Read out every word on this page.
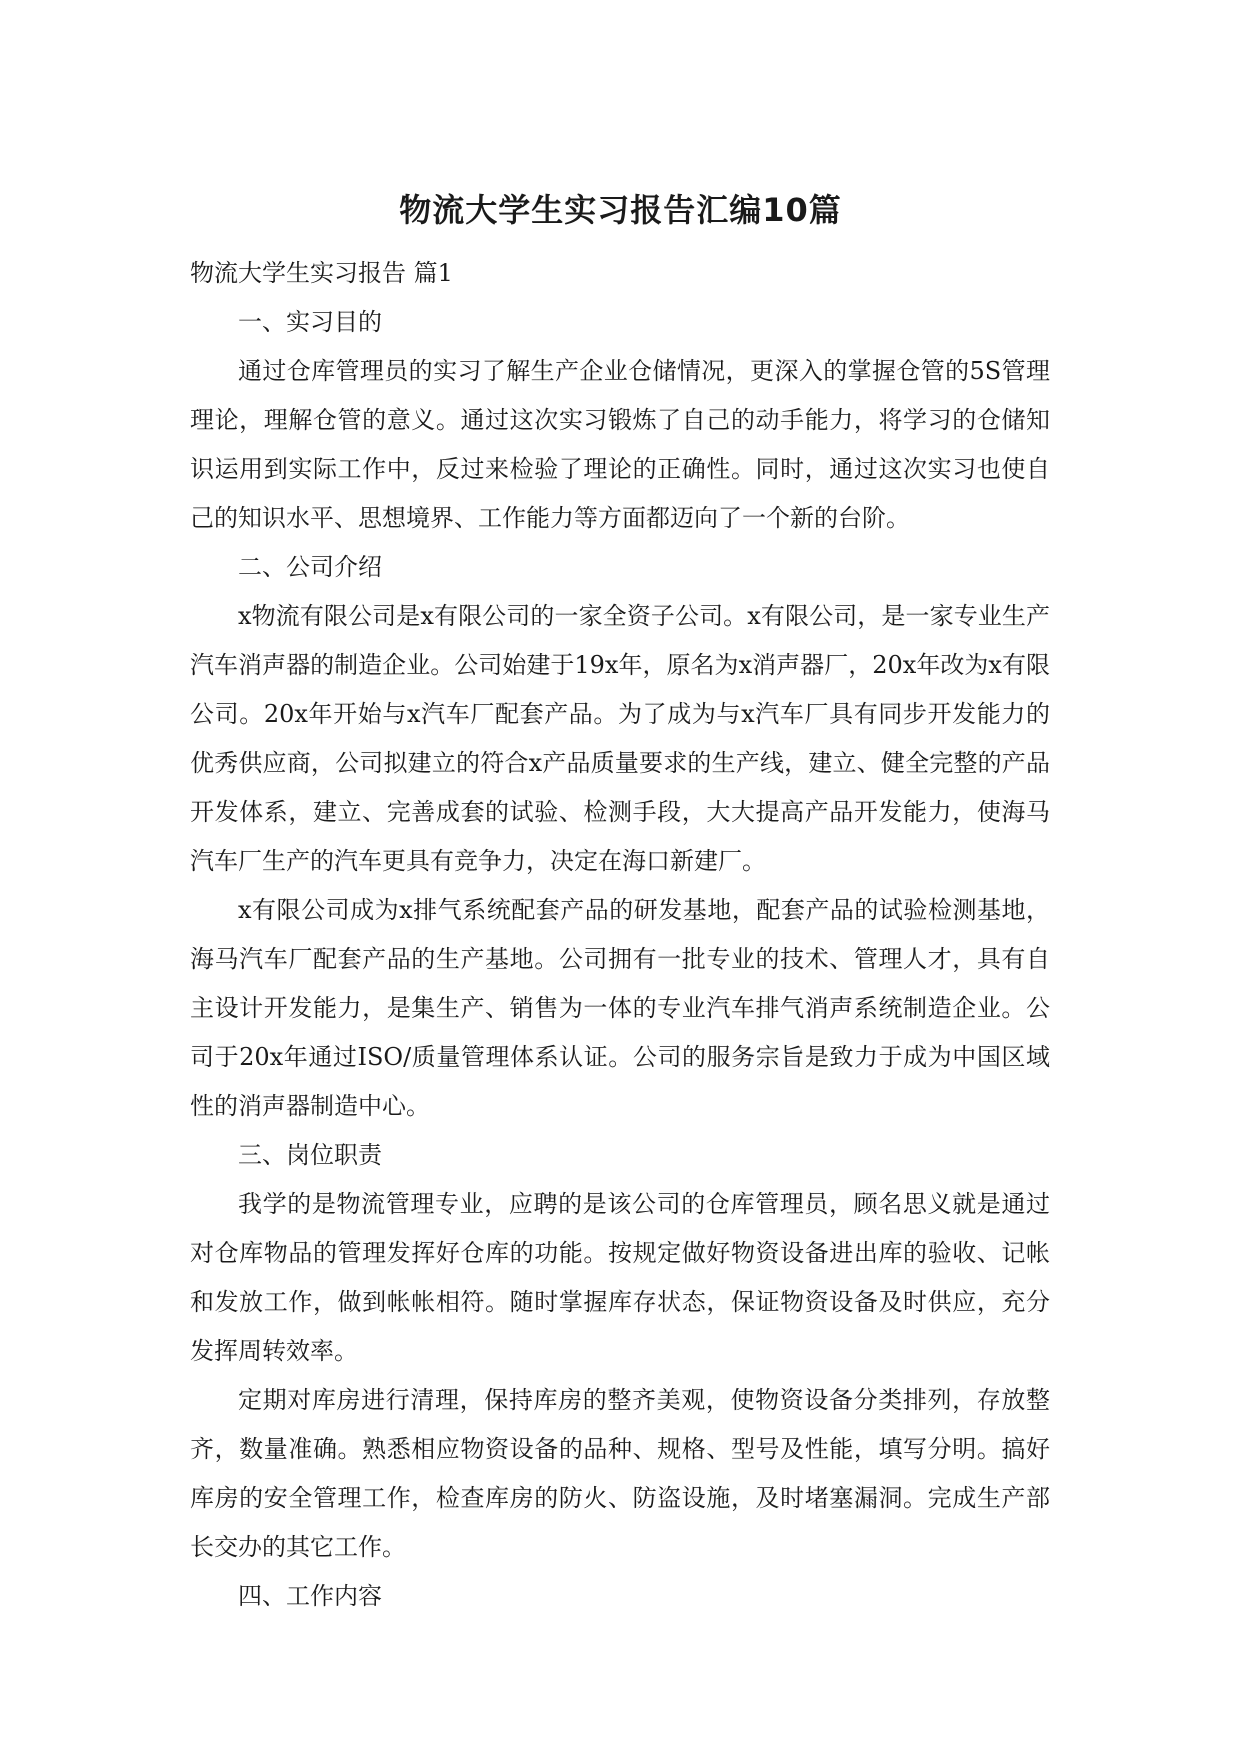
物流大学生实习报告汇编10篇

物流大学生实习报告 篇1

一、实习目的

通过仓库管理员的实习了解生产企业仓储情况，更深入的掌握仓管的5S管理理论，理解仓管的意义。通过这次实习锻炼了自己的动手能力，将学习的仓储知识运用到实际工作中，反过来检验了理论的正确性。同时，通过这次实习也使自己的知识水平、思想境界、工作能力等方面都迈向了一个新的台阶。

二、公司介绍

x物流有限公司是x有限公司的一家全资子公司。x有限公司，是一家专业生产汽车消声器的制造企业。公司始建于19x年，原名为x消声器厂，20x年改为x有限公司。20x年开始与x汽车厂配套产品。为了成为与x汽车厂具有同步开发能力的优秀供应商，公司拟建立的符合x产品质量要求的生产线，建立、健全完整的产品开发体系，建立、完善成套的试验、检测手段，大大提高产品开发能力，使海马汽车厂生产的汽车更具有竞争力，决定在海口新建厂。

x有限公司成为x排气系统配套产品的研发基地，配套产品的试验检测基地，海马汽车厂配套产品的生产基地。公司拥有一批专业的技术、管理人才，具有自主设计开发能力，是集生产、销售为一体的专业汽车排气消声系统制造企业。公司于20x年通过ISO/质量管理体系认证。公司的服务宗旨是致力于成为中国区域性的消声器制造中心。

三、岗位职责

我学的是物流管理专业，应聘的是该公司的仓库管理员，顾名思义就是通过对仓库物品的管理发挥好仓库的功能。按规定做好物资设备进出库的验收、记帐和发放工作，做到帐帐相符。随时掌握库存状态，保证物资设备及时供应，充分发挥周转效率。

定期对库房进行清理，保持库房的整齐美观，使物资设备分类排列，存放整齐，数量准确。熟悉相应物资设备的品种、规格、型号及性能，填写分明。搞好库房的安全管理工作，检查库房的防火、防盗设施，及时堵塞漏洞。完成生产部长交办的其它工作。

四、工作内容
